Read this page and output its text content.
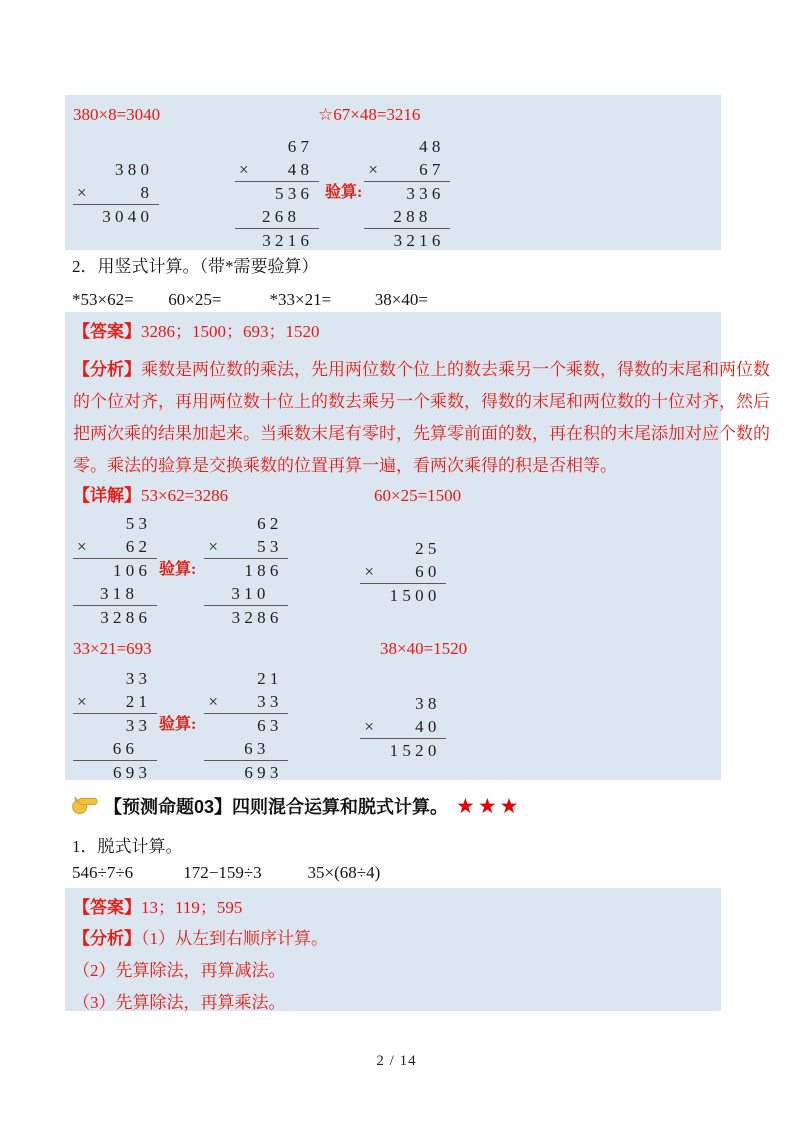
380×8=3040	☆67×48=3216
3 8 0
×	8
3 0 4 0
6 7
× 4 8
5 3 6
2 6 8
3 2 1 6
验算:
4 8
× 6 7
3 3 6
2 8 8
3 2 1 6
2．用竖式计算。（带*需要验算）
*53×62= 60×25=	*33×21=	38×40=
【答案】3286；1500；693；1520
【分析】乘数是两位数的乘法，先用两位数个位上的数去乘另一个乘数，得数的末尾和两位数
的个位对齐，再用两位数十位上的数去乘另一个乘数，得数的末尾和两位数的十位对齐，然后
把两次乘的结果加起来。当乘数末尾有零时，先算零前面的数，再在积的末尾添加对应个数的
零。乘法的验算是交换乘数的位置再算一遍，看两次乘得的积是否相等。
【详解】53×62=3286	60×25=1500
5 3
× 6 2
1 0 6
3 1 8
3 2 8 6
验算:
6 2
× 5 3
1 8 6
3 1 0
3 2 8 6
2 5
× 6 0
1 5 0 0
33×21=693	38×40=1520
3 3
× 2 1
3 3
6 6
6 9 3
验算:
2 1
× 3 3
6 3
6 3
6 9 3
3 8
× 4 0
1 5 2 0
【预测命题03】四则混合运算和脱式计算。 ★★★
1．脱式计算。
546÷7÷6	172−159÷3	35×(68÷4)
【答案】13；119；595
【分析】（1）从左到右顺序计算。
（2）先算除法，再算减法。
（3）先算除法，再算乘法。
2 / 14
